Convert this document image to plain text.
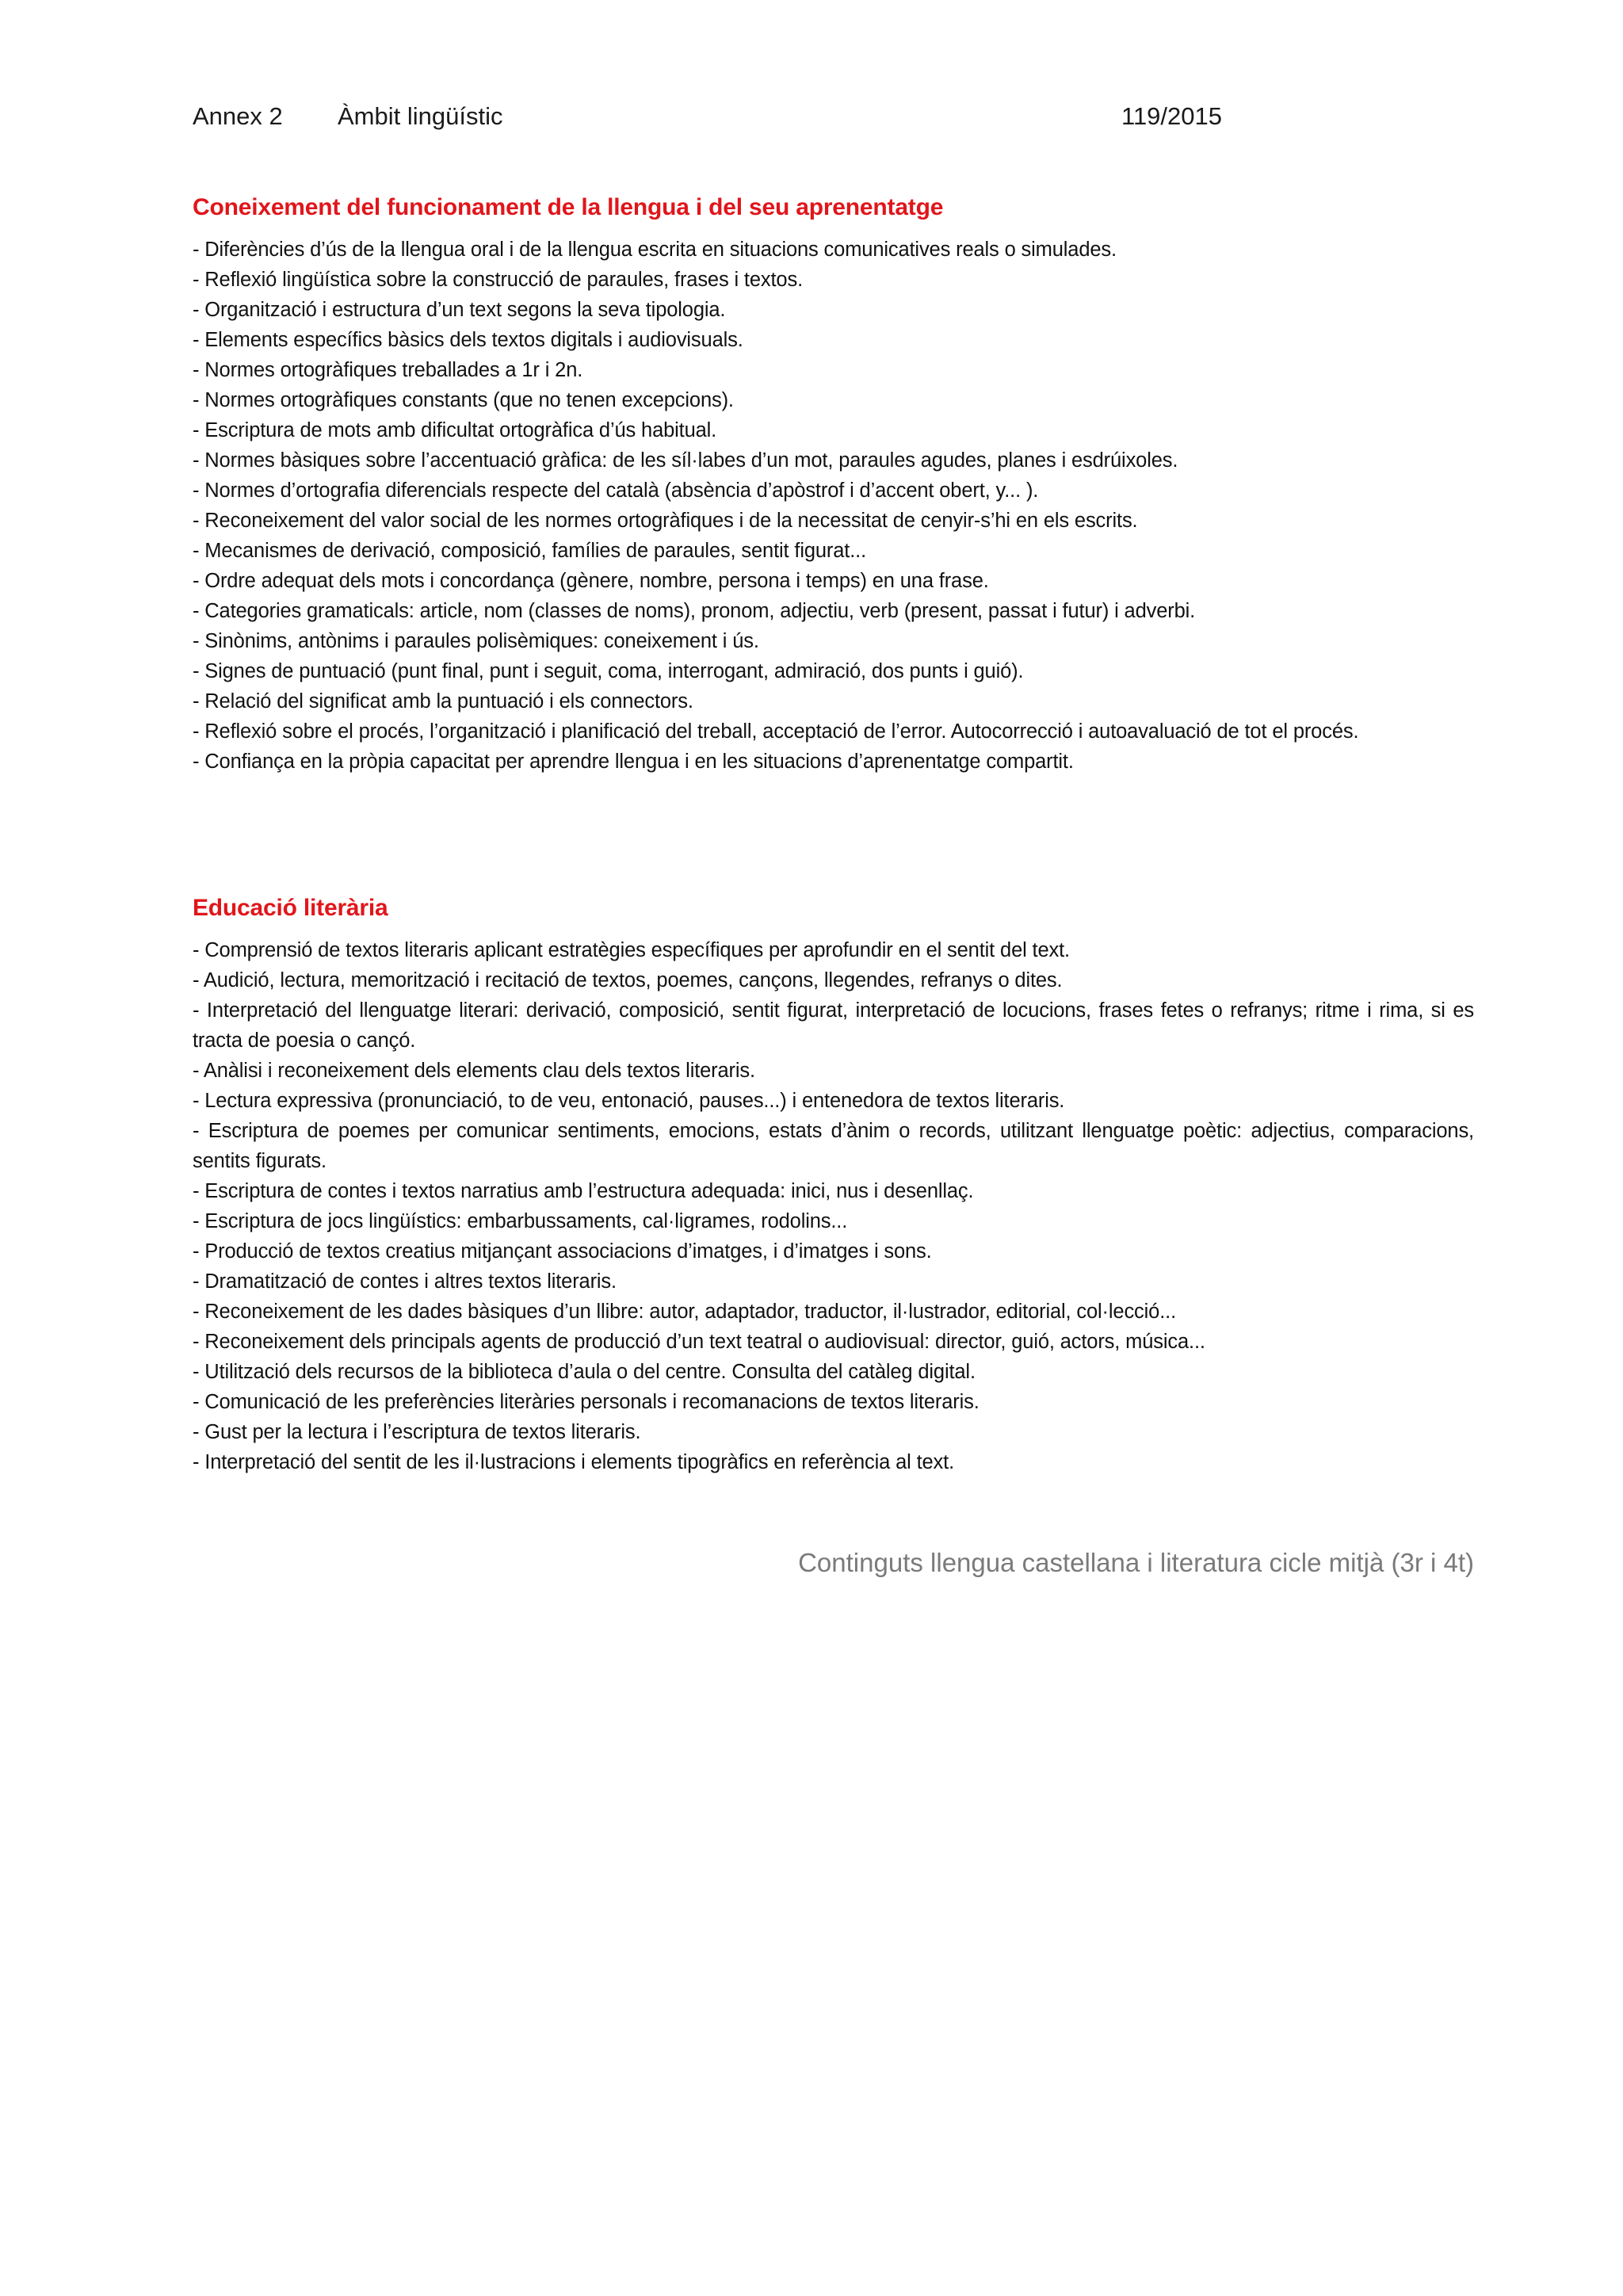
Annex 2 Àmbit lingüístic	119/2015
Coneixement del funcionament de la llengua i del seu aprenentatge
- Diferències d’ús de la llengua oral i de la llengua escrita en situacions comunicatives reals o simulades.
- Reflexió lingüística sobre la construcció de paraules, frases i textos.
- Organització i estructura d’un text segons la seva tipologia.
- Elements específics bàsics dels textos digitals i audiovisuals.
- Normes ortogràfiques treballades a 1r i 2n.
- Normes ortogràfiques constants (que no tenen excepcions).
- Escriptura de mots amb dificultat ortogràfica d’ús habitual.
- Normes bàsiques sobre l’accentuació gràfica: de les síl·labes d’un mot, paraules agudes, planes i esdrúixoles.
- Normes d’ortografia diferencials respecte del català (absència d’apòstrof i d’accent obert, y... ).
- Reconeixement del valor social de les normes ortogràfiques i de la necessitat de cenyir-s’hi en els escrits.
- Mecanismes de derivació, composició, famílies de paraules, sentit figurat...
- Ordre adequat dels mots i concordança (gènere, nombre, persona i temps) en una frase.
- Categories gramaticals: article, nom (classes de noms), pronom, adjectiu, verb (present, passat i futur) i adverbi.
- Sinònims, antònims i paraules polisèmiques: coneixement i ús.
- Signes de puntuació (punt final, punt i seguit, coma, interrogant, admiració, dos punts i guió).
- Relació del significat amb la puntuació i els connectors.
- Reflexió sobre el procés, l’organització i planificació del treball, acceptació de l’error. Autocorrecció i autoavaluació de tot el procés.
- Confiança en la pròpia capacitat per aprendre llengua i en les situacions d’aprenentatge compartit.
Educació literària
- Comprensió de textos literaris aplicant estratègies específiques per aprofundir en el sentit del text.
- Audició, lectura, memorització i recitació de textos, poemes, cançons, llegendes, refranys o dites.
- Interpretació del llenguatge literari: derivació, composició, sentit figurat, interpretació de locucions, frases fetes o refranys; ritme i rima, si es tracta de poesia o cançó.
- Anàlisi i reconeixement dels elements clau dels textos literaris.
- Lectura expressiva (pronunciació, to de veu, entonació, pauses...) i entenedora de textos literaris.
- Escriptura de poemes per comunicar sentiments, emocions, estats d’ànim o records, utilitzant llenguatge poètic: adjectius, comparacions, sentits figurats.
- Escriptura de contes i textos narratius amb l’estructura adequada: inici, nus i desenllaç.
- Escriptura de jocs lingüístics: embarbussaments, cal·ligrames, rodolins...
- Producció de textos creatius mitjançant associacions d’imatges, i d’imatges i sons.
- Dramatització de contes i altres textos literaris.
- Reconeixement de les dades bàsiques d’un llibre: autor, adaptador, traductor, il·lustrador, editorial, col·lecció...
- Reconeixement dels principals agents de producció d’un text teatral o audiovisual: director, guió, actors, música...
- Utilització dels recursos de la biblioteca d’aula o del centre. Consulta del catàleg digital.
- Comunicació de les preferències literàries personals i recomanacions de textos literaris.
- Gust per la lectura i l’escriptura de textos literaris.
- Interpretació del sentit de les il·lustracions i elements tipogràfics en referència al text.
Continguts llengua castellana i literatura cicle mitjà (3r i 4t)
